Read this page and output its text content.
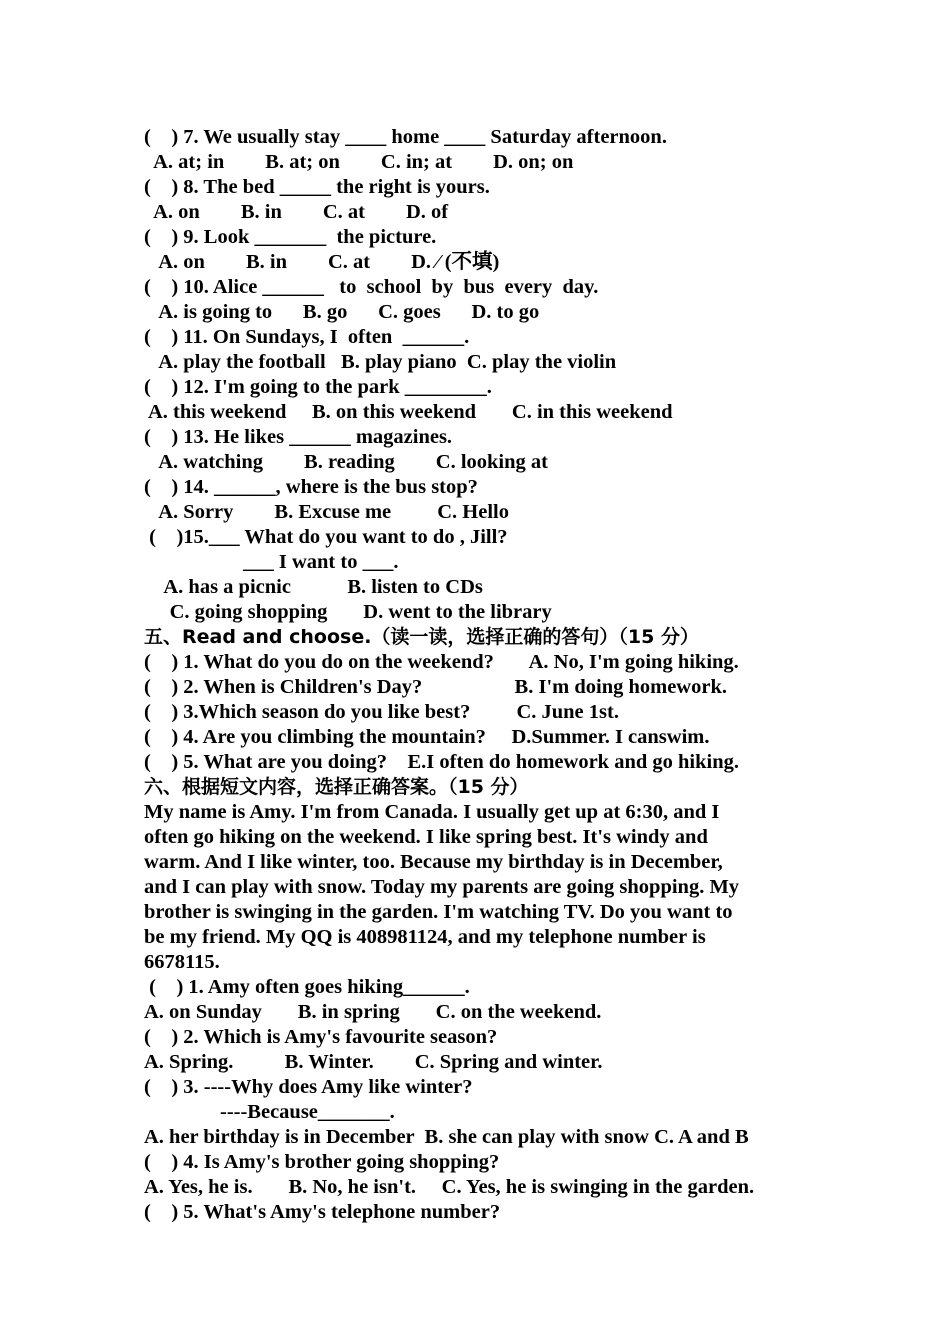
(    ) 7. We usually stay ____ home ____ Saturday afternoon.

A. at; in        B. at; on        C. in; at        D. on; on

(    ) 8. The bed _____ the right is yours.

A. on        B. in        C. at        D. of

(    ) 9. Look _______  the picture.

A. on        B. in        C. at        D. ⁄ (不填)

(    ) 10. Alice ______   to  school  by  bus  every  day.

A. is going to      B. go      C. goes      D. to go

(    ) 11. On Sundays, I  often  ______.

A. play the football   B. play piano  C. play the violin

(    ) 12. I'm going to the park ________.

A. this weekend     B. on this weekend       C. in this weekend

(    ) 13. He likes ______ magazines.

A. watching        B. reading        C. looking at

(    ) 14. ______, where is the bus stop?

A. Sorry        B. Excuse me         C. Hello

(    )15.___ What do you want to do , Jill?

___ I want to ___.

A. has a picnic           B. listen to CDs

C. going shopping       D. went to the library

五、Read and choose.（读一读，选择正确的答句）（15 分）

(    ) 1. What do you do on the weekend?       A. No, I'm going hiking.

(    ) 2. When is Children's Day?                  B. I'm doing homework.

(    ) 3.Which season do you like best?         C. June 1st.

(    ) 4. Are you climbing the mountain?     D.Summer. I canswim.

(    ) 5. What are you doing?    E.I often do homework and go hiking.

六、根据短文内容，选择正确答案。（15 分）

My name is Amy. I'm from Canada. I usually get up at 6:30, and I

often go hiking on the weekend. I like spring best. It's windy and

warm. And I like winter, too. Because my birthday is in December,

and I can play with snow. Today my parents are going shopping. My

brother is swinging in the garden. I'm watching TV. Do you want to

be my friend. My QQ is 408981124, and my telephone number is

6678115.

(    ) 1. Amy often goes hiking______.

A. on Sunday       B. in spring       C. on the weekend.

(    ) 2. Which is Amy's favourite season?

A. Spring.          B. Winter.        C. Spring and winter.

(    ) 3. ----Why does Amy like winter?

----Because_______.

A. her birthday is in December  B. she can play with snow C. A and B

(    ) 4. Is Amy's brother going shopping?

A. Yes, he is.       B. No, he isn't.     C. Yes, he is swinging in the garden.

(    ) 5. What's Amy's telephone number?
